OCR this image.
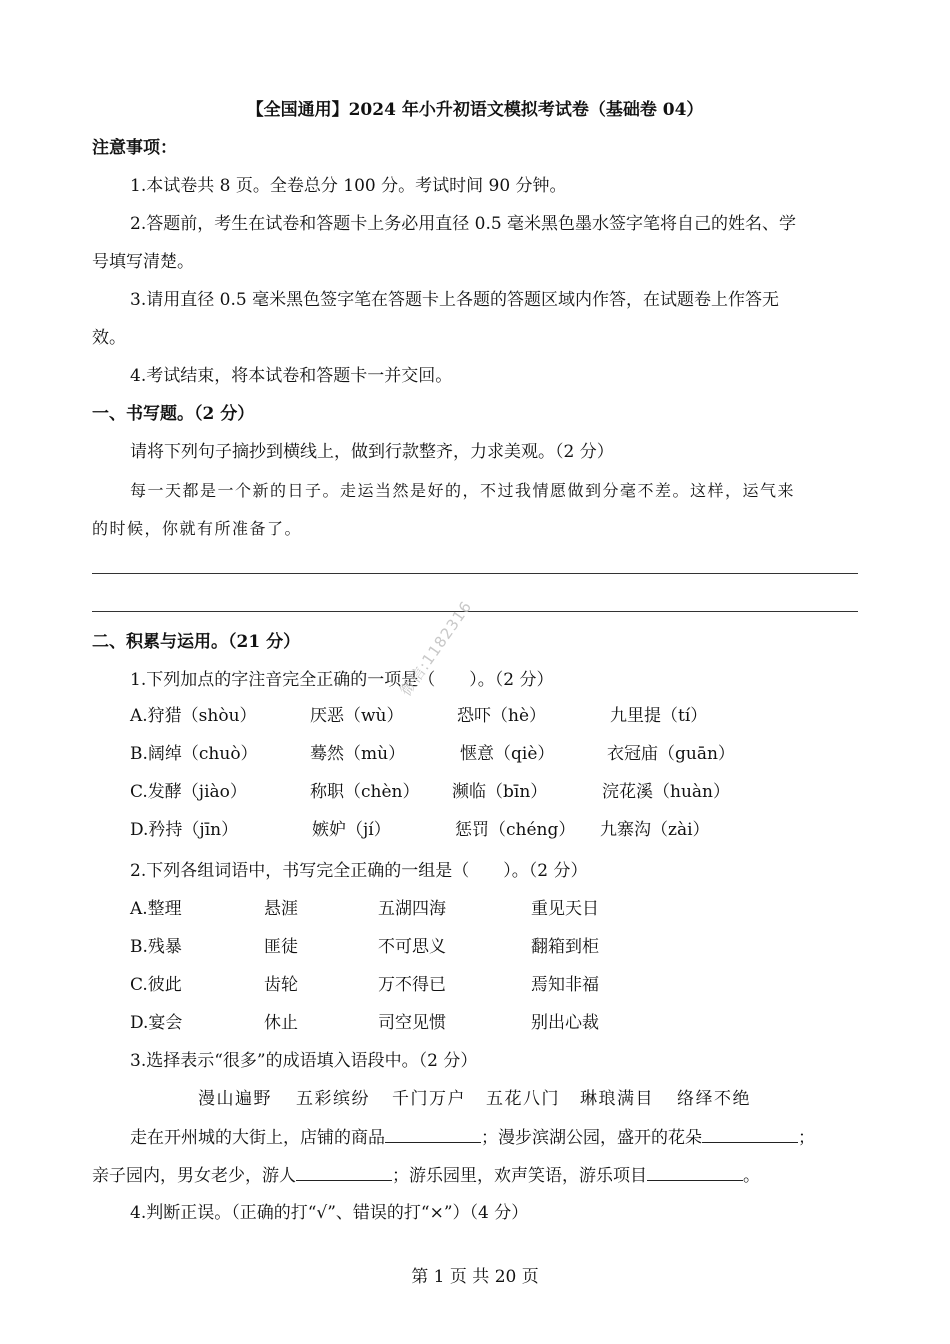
【全国通用】2024 年小升初语文模拟考试卷（基础卷 04）
注意事项：
1.本试卷共 8 页。全卷总分 100 分。考试时间 90 分钟。
2.答题前，考生在试卷和答题卡上务必用直径 0.5 毫米黑色墨水签字笔将自己的姓名、学
号填写清楚。
3.请用直径 0.5 毫米黑色签字笔在答题卡上各题的答题区域内作答，在试题卷上作答无
效。
4.考试结束，将本试卷和答题卡一并交回。
一、书写题。（2 分）
请将下列句子摘抄到横线上，做到行款整齐，力求美观。（2 分）
每一天都是一个新的日子。走运当然是好的，不过我情愿做到分毫不差。这样，运气来
的时候，你就有所准备了。
二、积累与运用。（21 分）
1.下列加点的字注音完全正确的一项是（　　）。（2 分）
A.狩猎（shòu）	厌恶（wù）	恐吓（hè）	九里提（tí）
B.阔绰（chuò）	蓦然（mù）	惬意（qiè）	衣冠庙（guān）
C.发酵（jiào）	称职（chèn） 濒临（bīn）	浣花溪（huàn）
D.矜持（jīn）	嫉妒（jí）	惩罚（chéng） 九寨沟（zài）
2.下列各组词语中，书写完全正确的一组是（　　）。（2 分）
A.整理	悬涯	五湖四海	重见天日
B.残暴	匪徒	不可思义	翻箱到柜
C.彼此	齿轮	万不得已	焉知非福
D.宴会	休止	司空见惯	别出心裁
3.选择表示“很多”的成语填入语段中。（2 分）
漫山遍野 五彩缤纷 千门万户 五花八门 琳琅满目 络绎不绝
走在开州城的大街上，店铺的商品	；漫步滨湖公园，盛开的花朵	；
亲子园内，男女老少，游人	；游乐园里，欢声笑语，游乐项目	。
4.判断正误。（正确的打“√”、错误的打“×”）（4 分）
微信:1182316
第 1 页 共 20 页
